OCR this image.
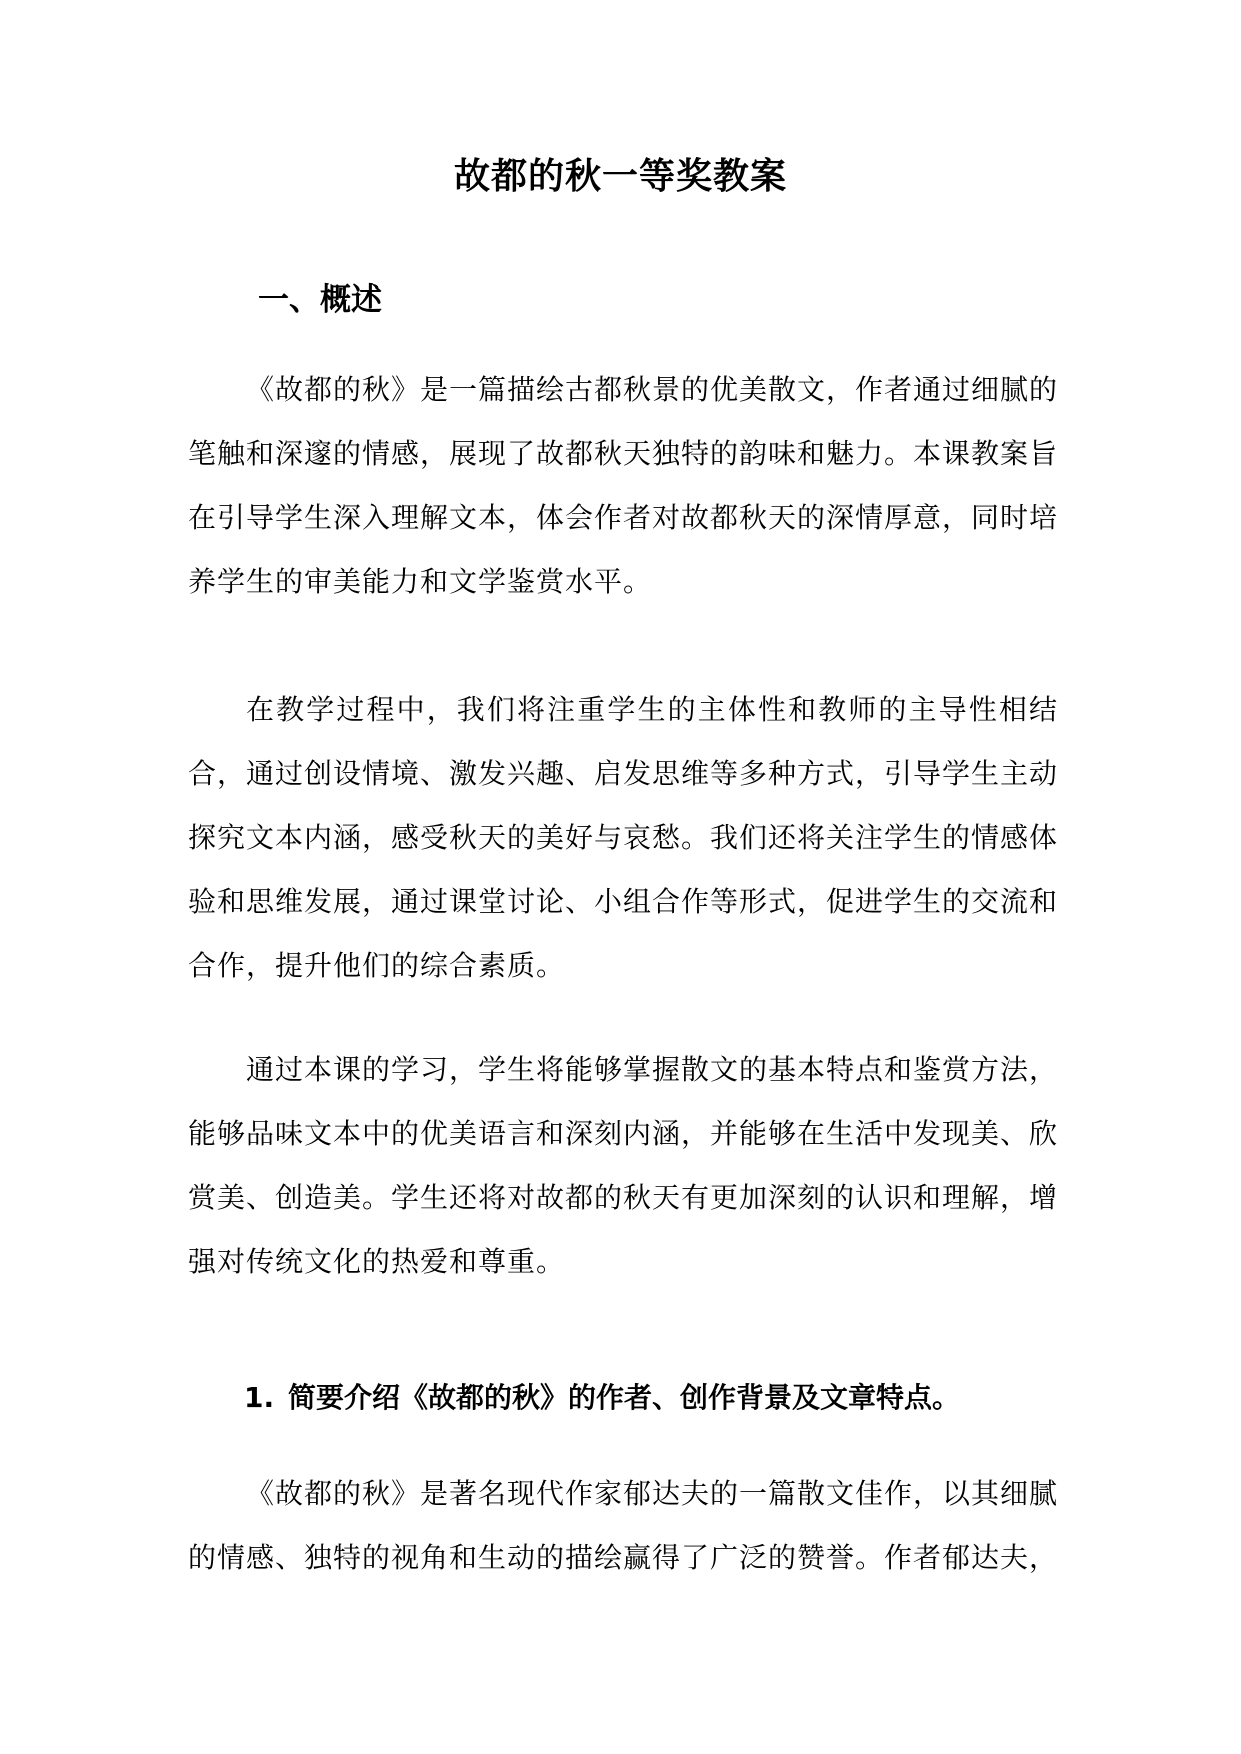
故都的秋一等奖教案
一、概述

《故都的秋》是一篇描绘古都秋景的优美散文，作者通过细腻的笔触和深邃的情感，展现了故都秋天独特的韵味和魅力。本课教案旨在引导学生深入理解文本，体会作者对故都秋天的深情厚意，同时培养学生的审美能力和文学鉴赏水平。

在教学过程中，我们将注重学生的主体性和教师的主导性相结合，通过创设情境、激发兴趣、启发思维等多种方式，引导学生主动探究文本内涵，感受秋天的美好与哀愁。我们还将关注学生的情感体验和思维发展，通过课堂讨论、小组合作等形式，促进学生的交流和合作，提升他们的综合素质。

通过本课的学习，学生将能够掌握散文的基本特点和鉴赏方法，能够品味文本中的优美语言和深刻内涵，并能够在生活中发现美、欣赏美、创造美。学生还将对故都的秋天有更加深刻的认识和理解，增强对传统文化的热爱和尊重。

1. 简要介绍《故都的秋》的作者、创作背景及文章特点。

《故都的秋》是著名现代作家郁达夫的一篇散文佳作，以其细腻的情感、独特的视角和生动的描绘赢得了广泛的赞誉。作者郁达夫，
